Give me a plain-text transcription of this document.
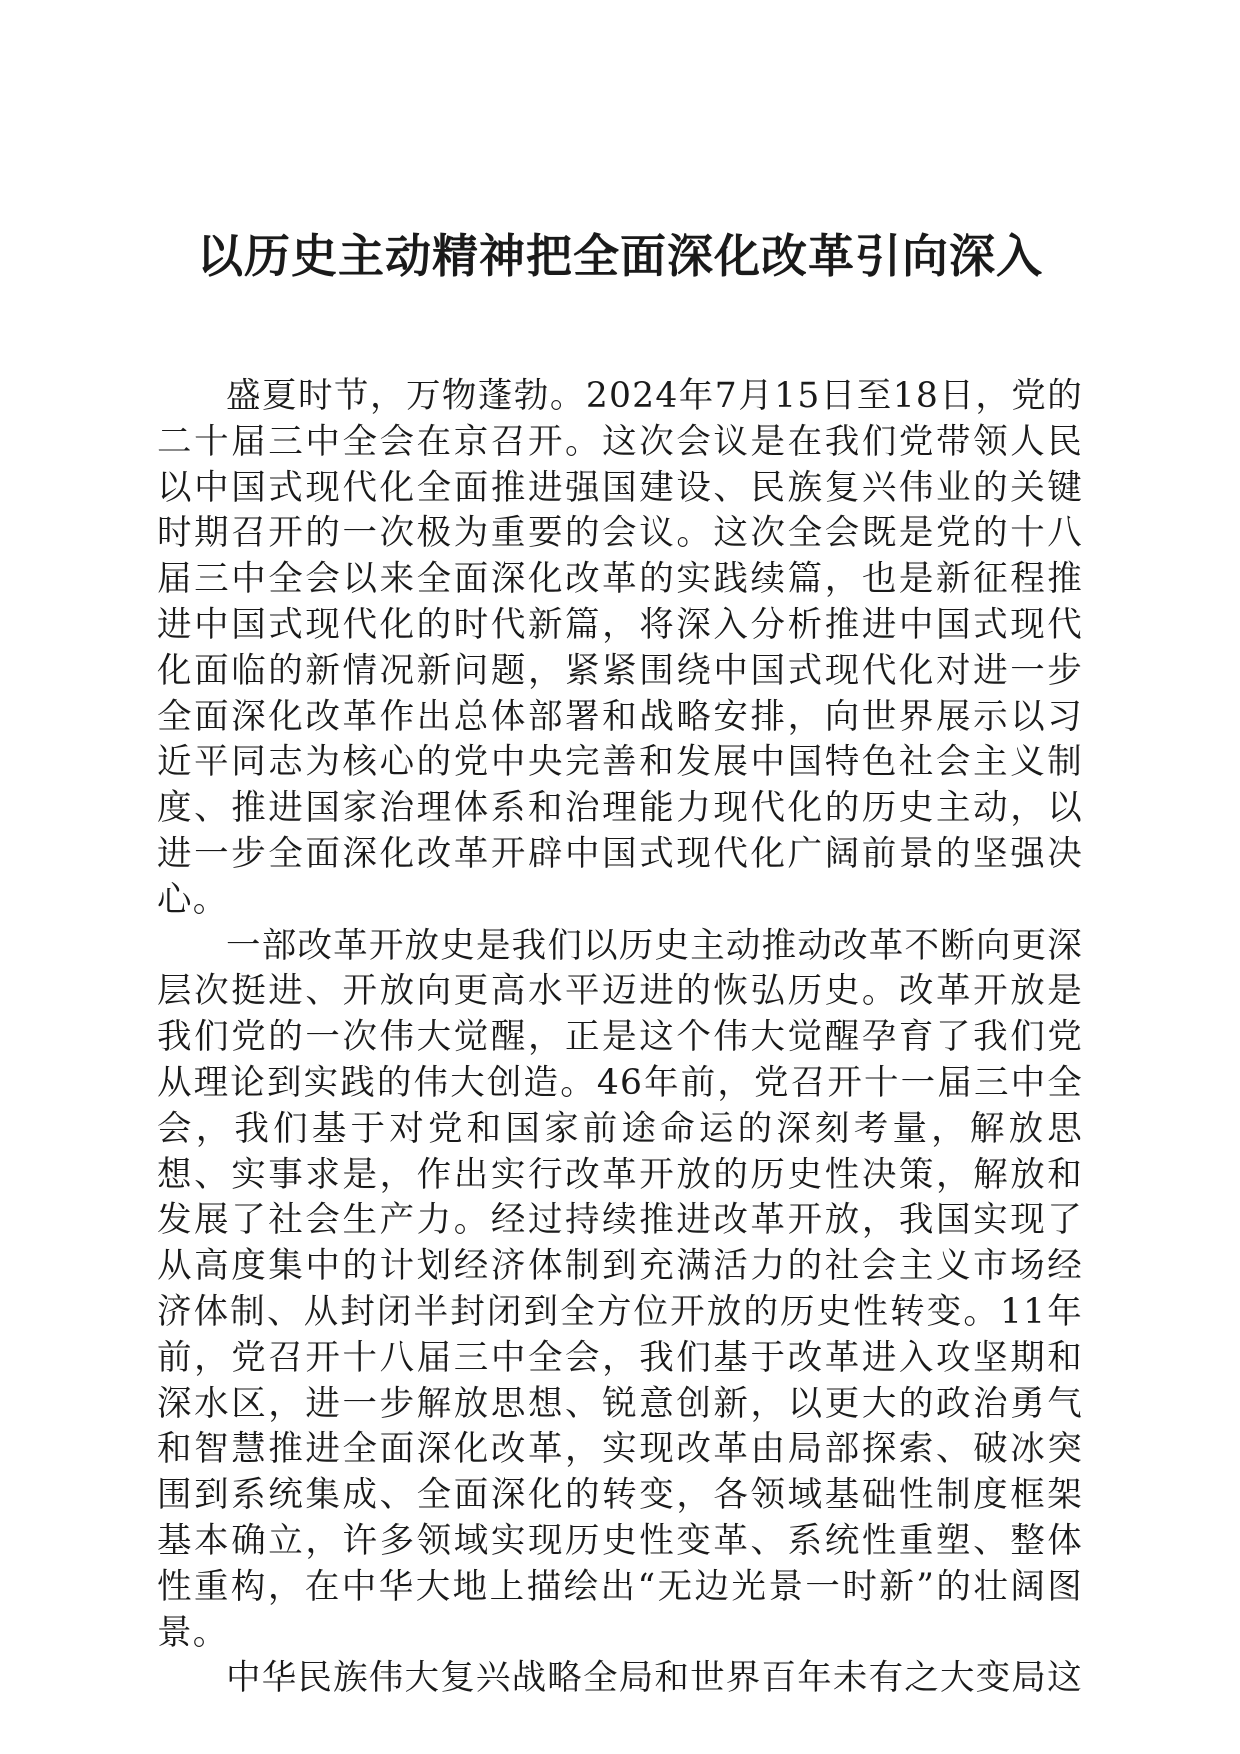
以历史主动精神把全面深化改革引向深入

盛夏时节，万物蓬勃。2024年7月15日至18日，党的二十届三中全会在京召开。这次会议是在我们党带领人民以中国式现代化全面推进强国建设、民族复兴伟业的关键时期召开的一次极为重要的会议。这次全会既是党的十八届三中全会以来全面深化改革的实践续篇，也是新征程推进中国式现代化的时代新篇，将深入分析推进中国式现代化面临的新情况新问题，紧紧围绕中国式现代化对进一步全面深化改革作出总体部署和战略安排，向世界展示以习近平同志为核心的党中央完善和发展中国特色社会主义制度、推进国家治理体系和治理能力现代化的历史主动，以进一步全面深化改革开辟中国式现代化广阔前景的坚强决心。

一部改革开放史是我们以历史主动推动改革不断向更深层次挺进、开放向更高水平迈进的恢弘历史。改革开放是我们党的一次伟大觉醒，正是这个伟大觉醒孕育了我们党从理论到实践的伟大创造。46年前，党召开十一届三中全会，我们基于对党和国家前途命运的深刻考量，解放思想、实事求是，作出实行改革开放的历史性决策，解放和发展了社会生产力。经过持续推进改革开放，我国实现了从高度集中的计划经济体制到充满活力的社会主义市场经济体制、从封闭半封闭到全方位开放的历史性转变。11年前，党召开十八届三中全会，我们基于改革进入攻坚期和深水区，进一步解放思想、锐意创新，以更大的政治勇气和智慧推进全面深化改革，实现改革由局部探索、破冰突围到系统集成、全面深化的转变，各领域基础性制度框架基本确立，许多领域实现历史性变革、系统性重塑、整体性重构，在中华大地上描绘出“无边光景一时新”的壮阔图景。

中华民族伟大复兴战略全局和世界百年未有之大变局这
